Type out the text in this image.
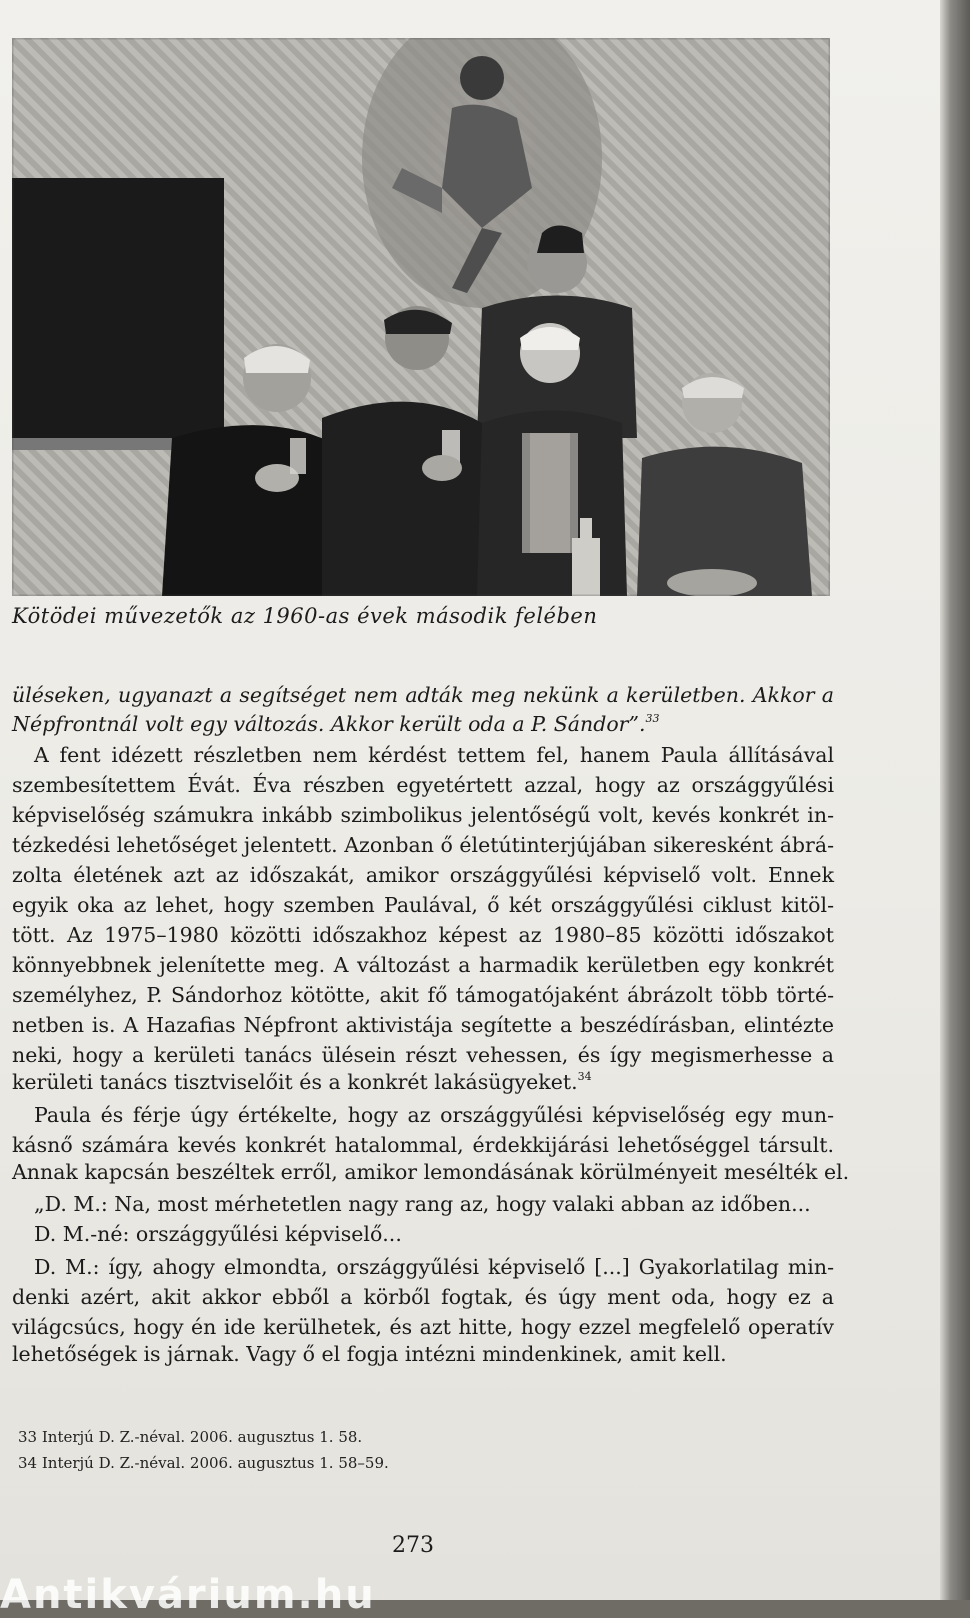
Kötödei művezetők az 1960-as évek második felében
üléseken, ugyanazt a segítséget nem adták meg nekünk a kerületben. Akkor a
Népfrontnál volt egy változás. Akkor került oda a P. Sándor”.$^{33}$
A fent idézett részletben nem kérdést tettem fel, hanem Paula állításával
szembesítettem Évát. Éva részben egyetértett azzal, hogy az országgyűlési
képviselőség számukra inkább szimbolikus jelentőségű volt, kevés konkrét in-
tézkedési lehetőséget jelentett. Azonban ő életútinterjújában sikeresként ábrá-
zolta életének azt az időszakát, amikor országgyűlési képviselő volt. Ennek
egyik oka az lehet, hogy szemben Paulával, ő két országgyűlési ciklust kitöl-
tött. Az 1975–1980 közötti időszakhoz képest az 1980–85 közötti időszakot
könnyebbnek jelenítette meg. A változást a harmadik kerületben egy konkrét
személyhez, P. Sándorhoz kötötte, akit fő támogatójaként ábrázolt több törté-
netben is. A Hazafias Népfront aktivistája segítette a beszédírásban, elintézte
neki, hogy a kerületi tanács ülésein részt vehessen, és így megismerhesse a
kerületi tanács tisztviselőit és a konkrét lakásügyeket.$^{34}$
Paula és férje úgy értékelte, hogy az országgyűlési képviselőség egy mun-
kásnő számára kevés konkrét hatalommal, érdekkijárási lehetőséggel társult.
Annak kapcsán beszéltek erről, amikor lemondásának körülményeit mesélték el.
„D. M.: Na, most mérhetetlen nagy rang az, hogy valaki abban az időben...
D. M.-né: országgyűlési képviselő...
D. M.: így, ahogy elmondta, országgyűlési képviselő [...] Gyakorlatilag min-
denki azért, akit akkor ebből a körből fogtak, és úgy ment oda, hogy ez a
világcsúcs, hogy én ide kerülhetek, és azt hitte, hogy ezzel megfelelő operatív
lehetőségek is járnak. Vagy ő el fogja intézni mindenkinek, amit kell.
33 Interjú D. Z.-néval. 2006. augusztus 1. 58.
34 Interjú D. Z.-néval. 2006. augusztus 1. 58–59.
273
Antikvárium.hu
